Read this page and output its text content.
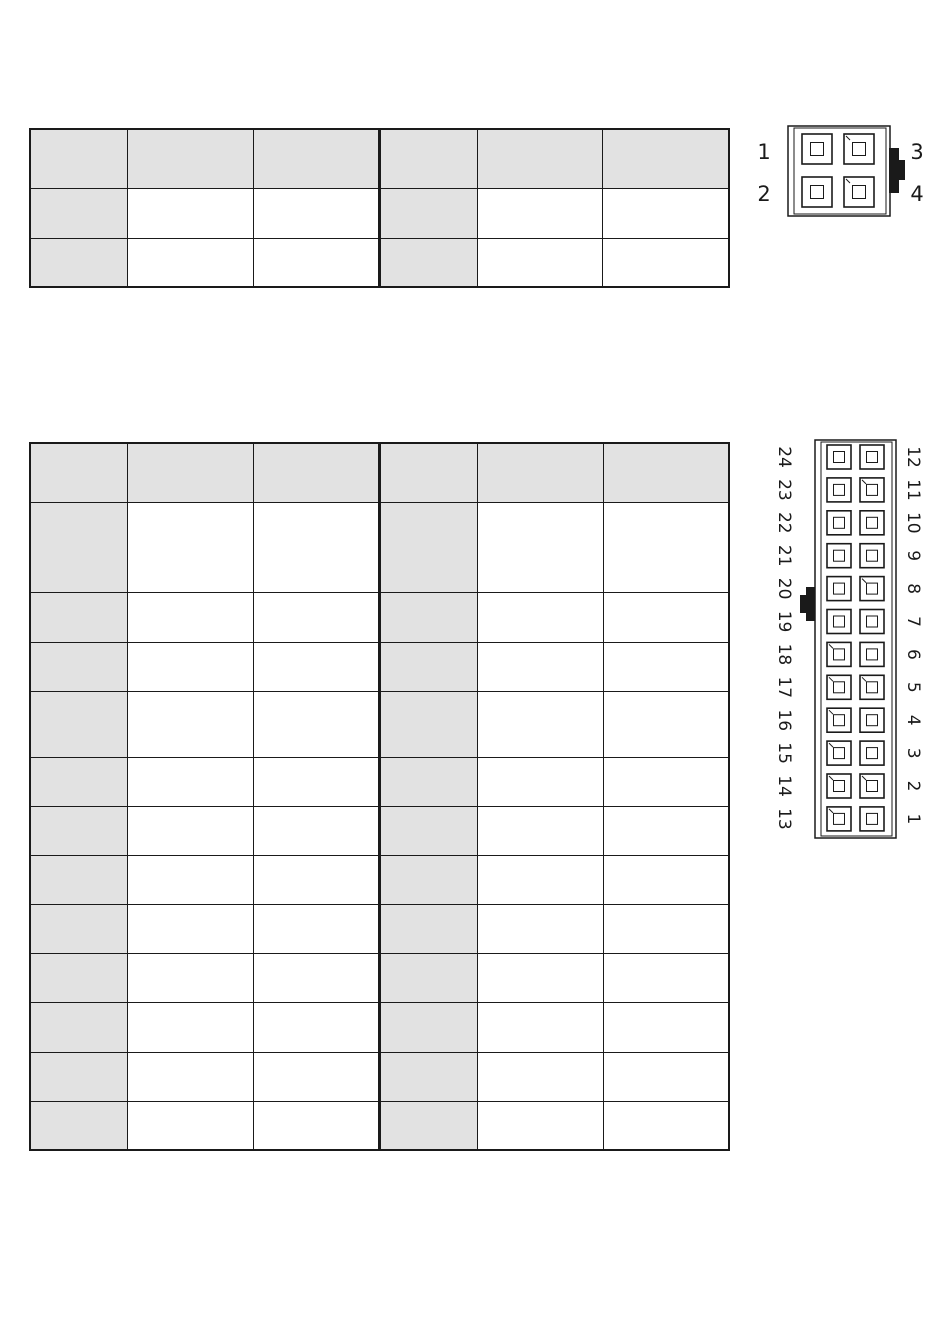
1
2
3
4
24	12
23	11
22	10
21	9
20	8
19	7
18	6
17	5
16	4
15	3
14	2
13	1
